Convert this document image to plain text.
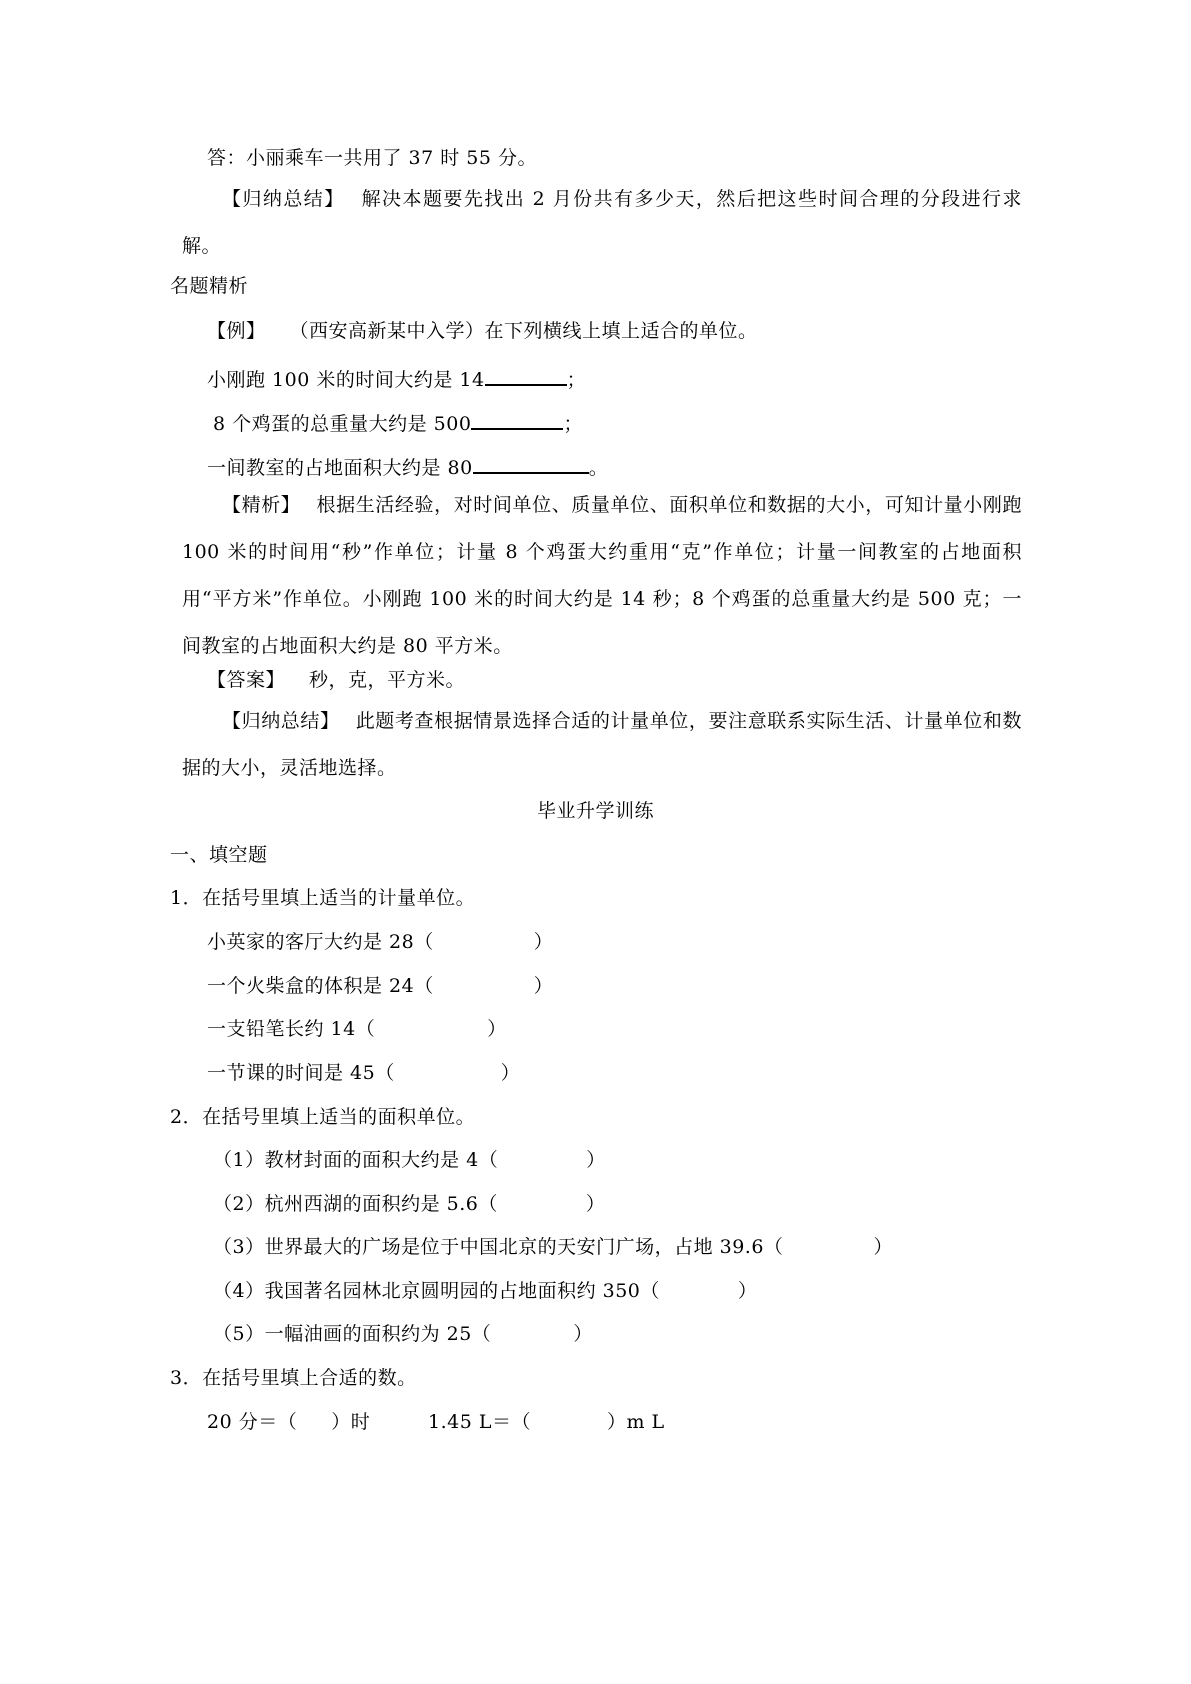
答：小丽乘车一共用了 37 时 55 分。
【归纳总结】 解决本题要先找出 2 月份共有多少天，然后把这些时间合理的分段进行求解。
名题精析
【例】 （西安高新某中入学）在下列横线上填上适合的单位。
小刚跑 100 米的时间大约是 14	；
8 个鸡蛋的总重量大约是 500	；
一间教室的占地面积大约是 80	。
【精析】 根据生活经验，对时间单位、质量单位、面积单位和数据的大小，可知计量小刚跑 100 米的时间用“秒”作单位；计量 8 个鸡蛋大约重用“克”作单位；计量一间教室的占地面积用“平方米”作单位。小刚跑 100 米的时间大约是 14 秒；8 个鸡蛋的总重量大约是 500 克；一间教室的占地面积大约是 80 平方米。
【答案】 秒，克，平方米。
【归纳总结】 此题考查根据情景选择合适的计量单位，要注意联系实际生活、计量单位和数据的大小，灵活地选择。
毕业升学训练
一、填空题
1．在括号里填上适当的计量单位。
小英家的客厅大约是 28（	）
一个火柴盒的体积是 24（	）
一支铅笔长约 14（	）
一节课的时间是 45（	）
2．在括号里填上适当的面积单位。
（1）教材封面的面积大约是 4（	）
（2）杭州西湖的面积约是 5.6（	）
（3）世界最大的广场是位于中国北京的天安门广场，占地 39.6（	）
（4）我国著名园林北京圆明园的占地面积约 350（	）
（5）一幅油画的面积约为 25（	）
3．在括号里填上合适的数。
20 分＝（ ）时	1.45 L＝（	）m L
